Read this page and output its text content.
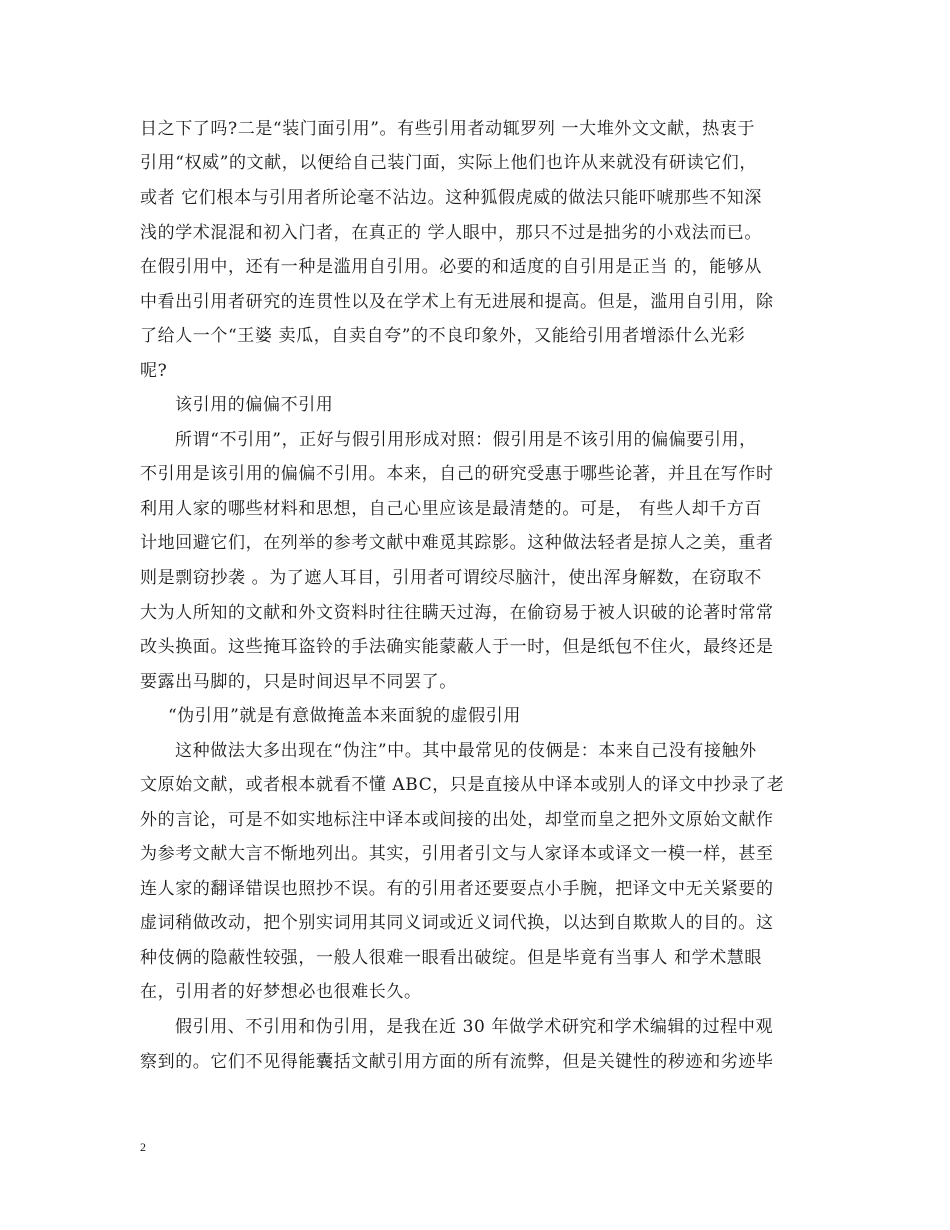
日之下了吗?二是“装门面引用”。有些引用者动辄罗列 一大堆外文文献，热衷于
引用“权威”的文献，以便给自己装门面，实际上他们也许从来就没有研读它们，
或者 它们根本与引用者所论毫不沾边。这种狐假虎威的做法只能吓唬那些不知深
浅的学术混混和初入门者，在真正的 学人眼中，那只不过是拙劣的小戏法而已。
在假引用中，还有一种是滥用自引用。必要的和适度的自引用是正当 的，能够从
中看出引用者研究的连贯性以及在学术上有无进展和提高。但是，滥用自引用，除
了给人一个“王婆 卖瓜，自卖自夸”的不良印象外，又能给引用者增添什么光彩
呢?
该引用的偏偏不引用
所谓“不引用”，正好与假引用形成对照：假引用是不该引用的偏偏要引用，
不引用是该引用的偏偏不引用。本来，自己的研究受惠于哪些论著，并且在写作时
利用人家的哪些材料和思想，自己心里应该是最清楚的。可是， 有些人却千方百
计地回避它们，在列举的参考文献中难觅其踪影。这种做法轻者是掠人之美，重者
则是剽窃抄袭 。为了遮人耳目，引用者可谓绞尽脑汁，使出浑身解数，在窃取不
大为人所知的文献和外文资料时往往瞒天过海，在偷窃易于被人识破的论著时常常
改头换面。这些掩耳盗铃的手法确实能蒙蔽人于一时，但是纸包不住火，最终还是
要露出马脚的，只是时间迟早不同罢了。
“伪引用”就是有意做掩盖本来面貌的虚假引用
这种做法大多出现在“伪注”中。其中最常见的伎俩是：本来自己没有接触外
文原始文献，或者根本就看不懂 ABC，只是直接从中译本或别人的译文中抄录了老
外的言论，可是不如实地标注中译本或间接的出处，却堂而皇之把外文原始文献作
为参考文献大言不惭地列出。其实，引用者引文与人家译本或译文一模一样，甚至
连人家的翻译错误也照抄不误。有的引用者还要耍点小手腕，把译文中无关紧要的
虚词稍做改动，把个别实词用其同义词或近义词代换，以达到自欺欺人的目的。这
种伎俩的隐蔽性较强，一般人很难一眼看出破绽。但是毕竟有当事人 和学术慧眼
在，引用者的好梦想必也很难长久。
假引用、不引用和伪引用，是我在近 30 年做学术研究和学术编辑的过程中观
察到的。它们不见得能囊括文献引用方面的所有流弊，但是关键性的秽迹和劣迹毕
2
